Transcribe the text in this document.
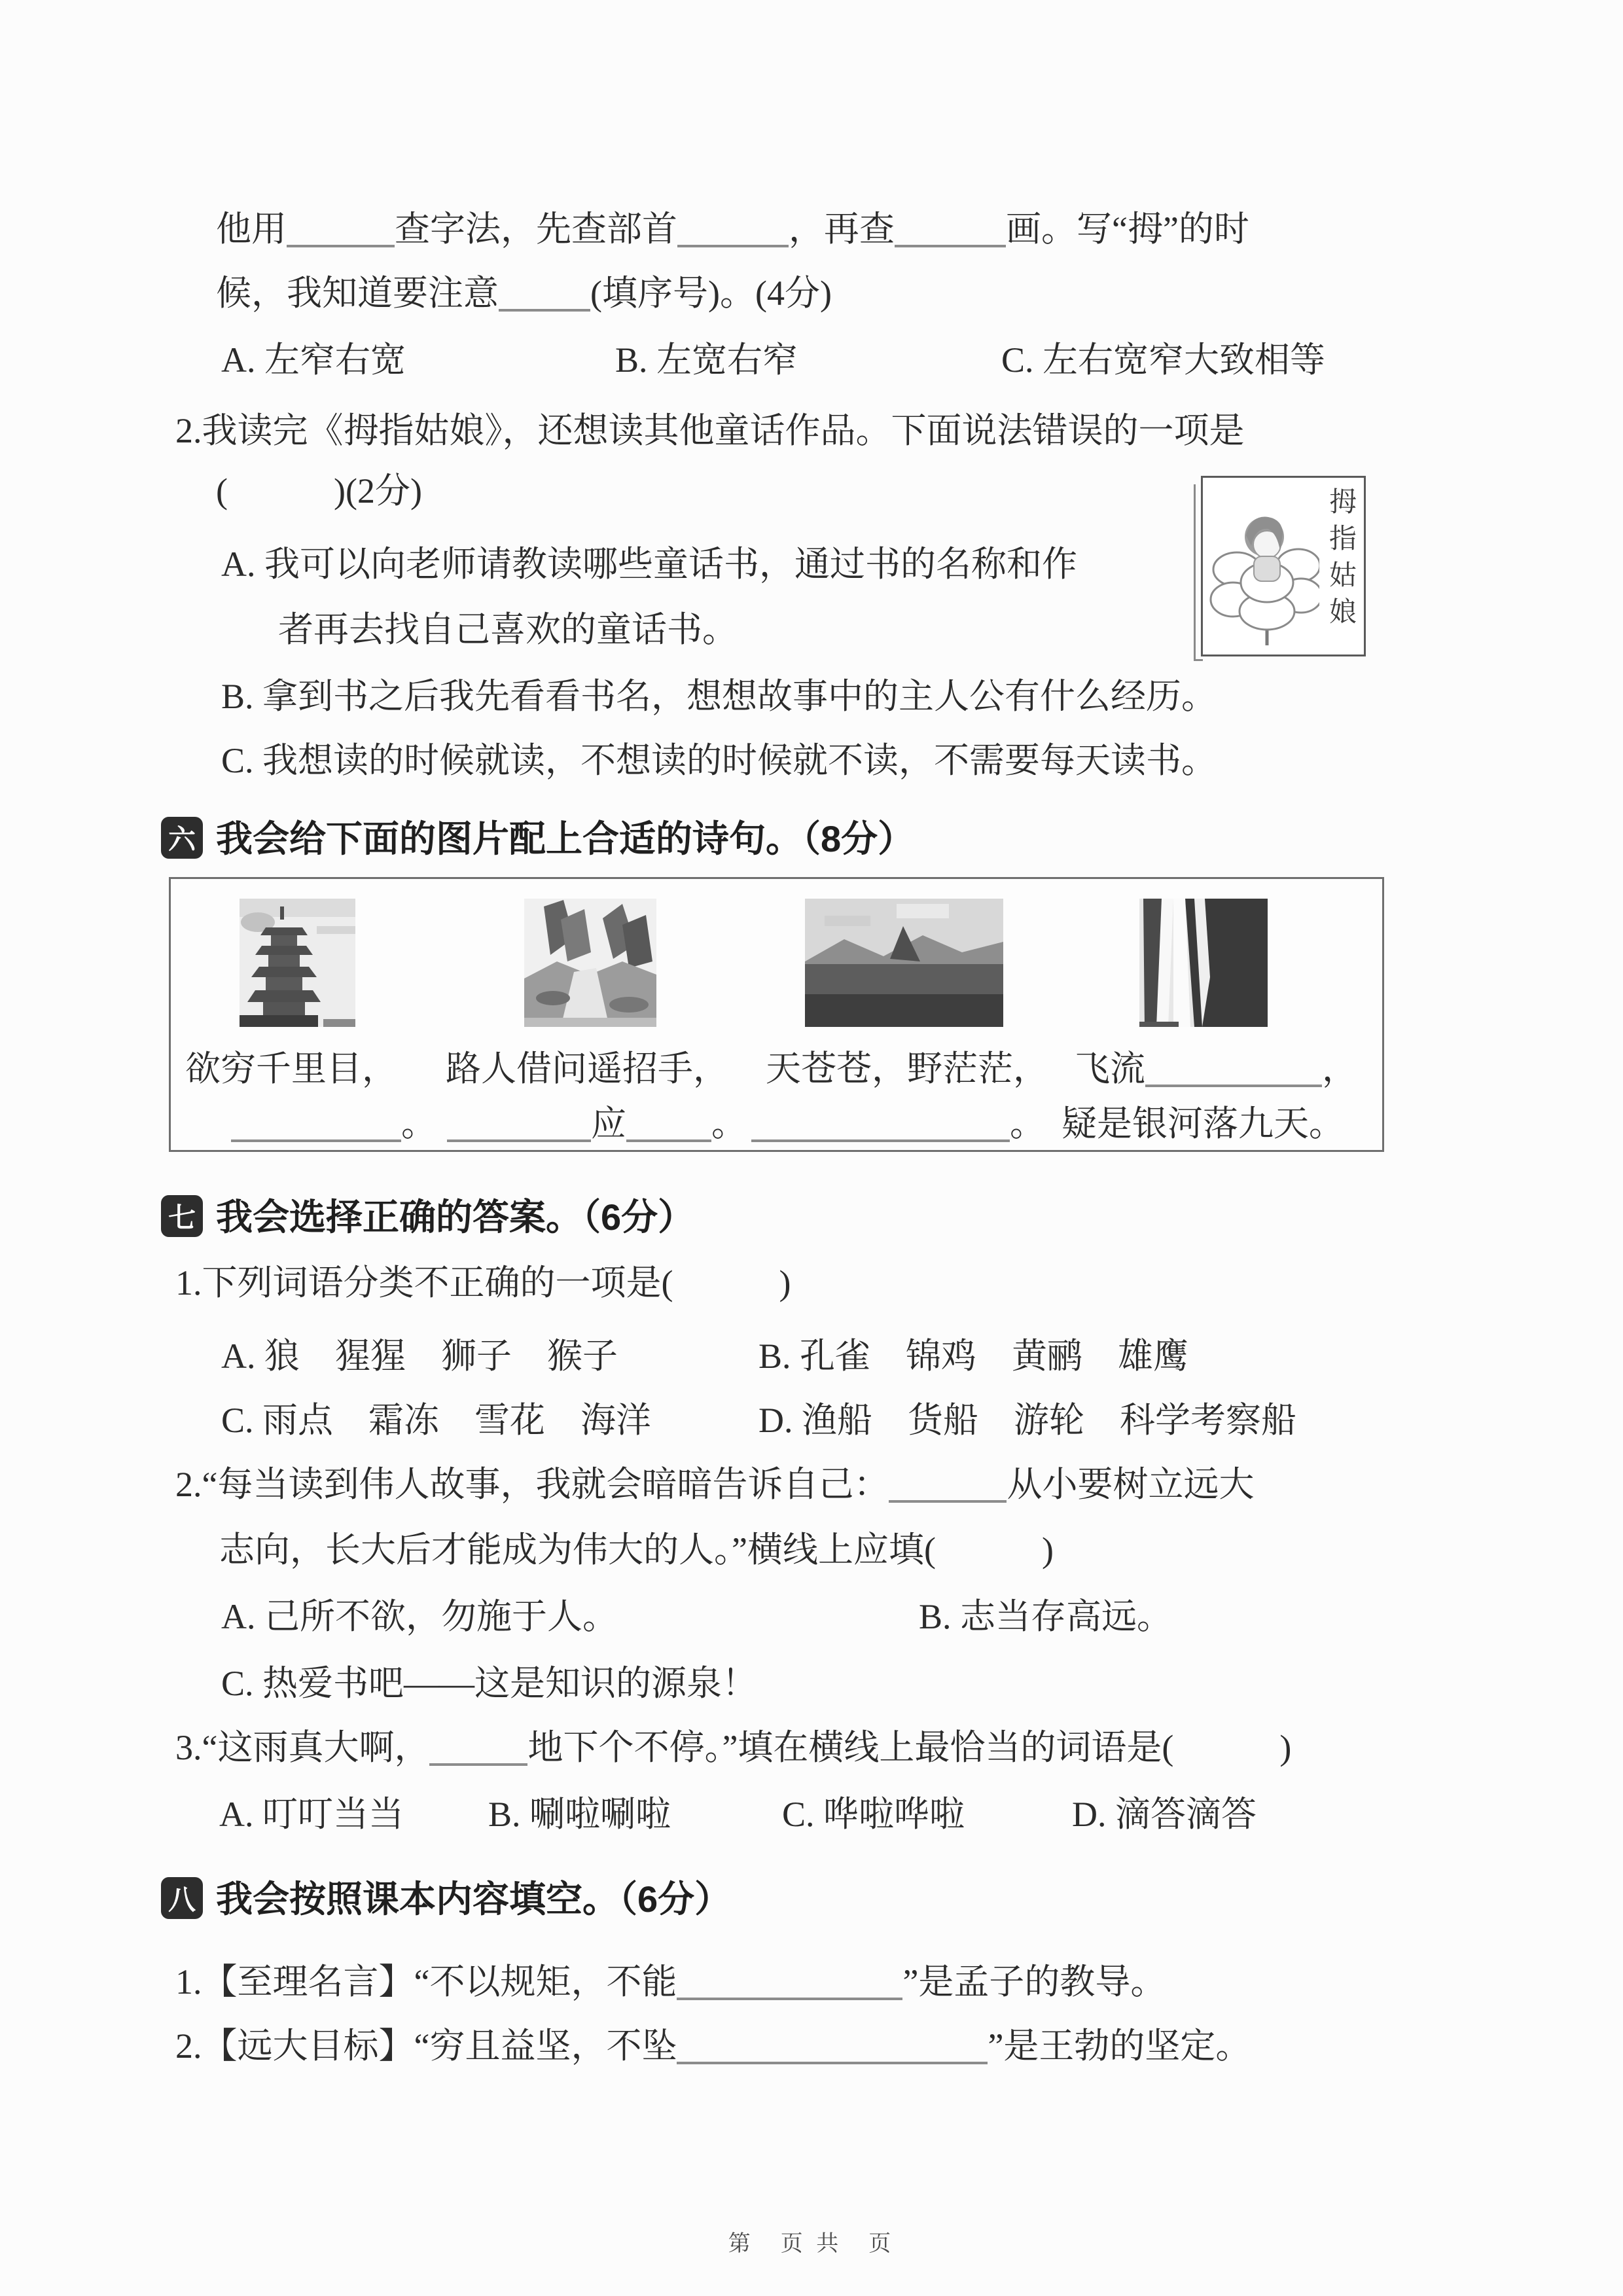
他用	查字法，先查部首	，再查	画。写“拇”的时
候，我知道要注意	(填序号)。(4分)
A. 左窄右宽	B. 左宽右窄	C. 左右宽窄大致相等
2.我读完《拇指姑娘》，还想读其他童话作品。下面说法错误的一项是
(　　　)(2分)
A. 我可以向老师请教读哪些童话书，通过书的名称和作
者再去找自己喜欢的童话书。
B. 拿到书之后我先看看书名，想想故事中的主人公有什么经历。
C. 我想读的时候就读，不想读的时候就不读，不需要每天读书。
拇指姑娘
六 我会给下面的图片配上合适的诗句。（8分）
欲穷千里目， 路人借问遥招手， 天苍苍，野茫茫， 飞流	，
。	应 。	。 疑是银河落九天。
七 我会选择正确的答案。（6分）
1.下列词语分类不正确的一项是(　　　)
A. 狼　猩猩　狮子　猴子	B. 孔雀　锦鸡　黄鹂　雄鹰
C. 雨点　霜冻　雪花　海洋	D. 渔船　货船　游轮　科学考察船
2.“每当读到伟人故事，我就会暗暗告诉自己：	从小要树立远大
志向，长大后才能成为伟大的人。”横线上应填(　　　)
A. 己所不欲，勿施于人。	B. 志当存高远。
C. 热爱书吧——这是知识的源泉！
3.“这雨真大啊，	地下个不停。”填在横线上最恰当的词语是(　　　)
A. 叮叮当当 B. 唰啦唰啦	C. 哗啦哗啦	D. 滴答滴答
八 我会按照课本内容填空。（6分）
1.【至理名言】“不以规矩，不能	”是孟子的教导。
2.【远大目标】“穷且益坚，不坠	”是王勃的坚定。
第　页 共　页
